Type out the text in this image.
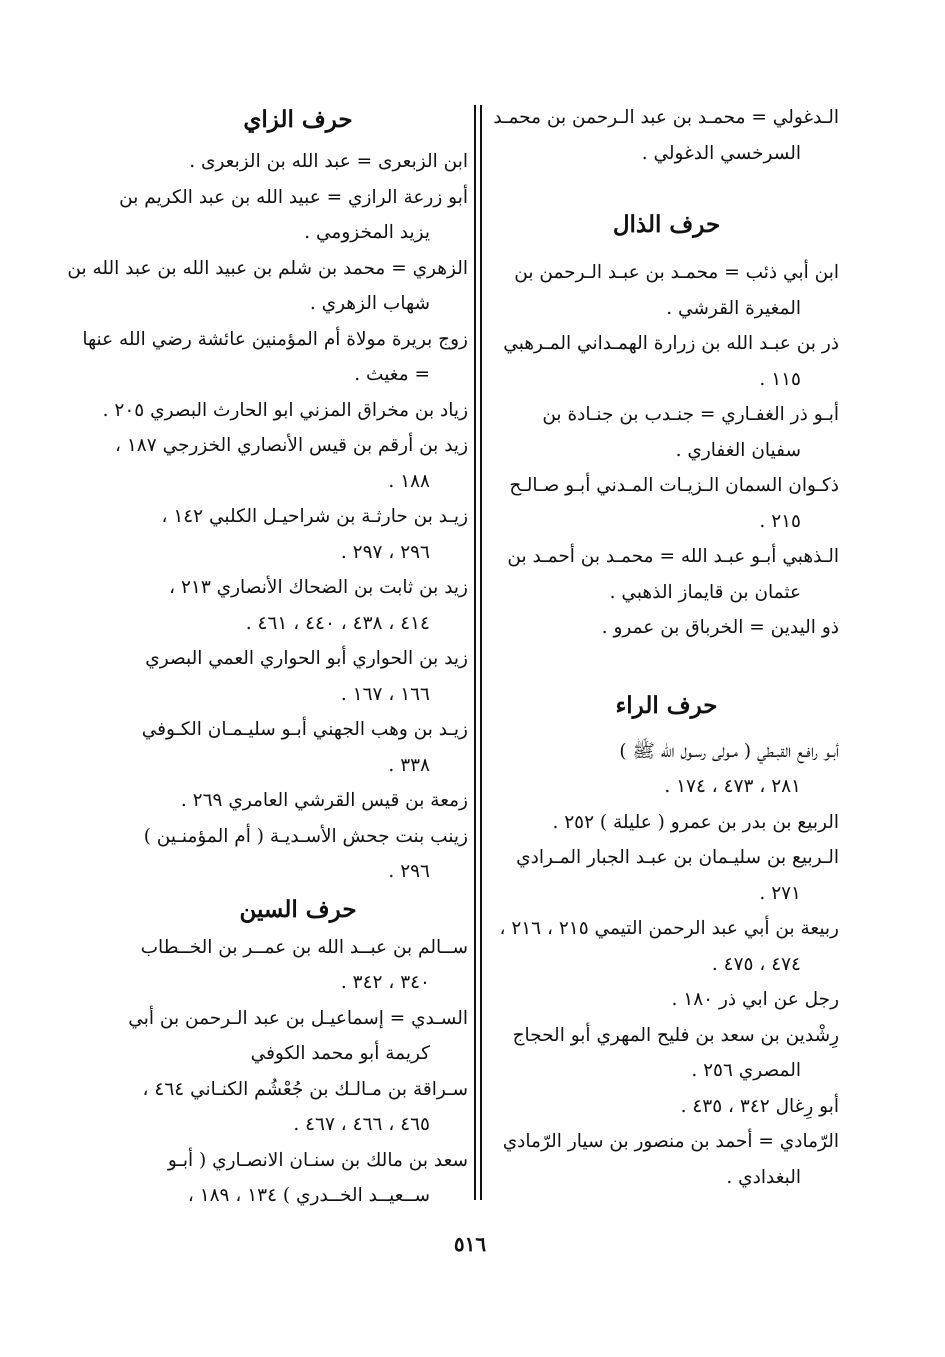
الـدغولي = محمـد بن عبد الـرحمن بن محمـد
السرخسي الدغولي .
حرف الذال
ابن أبي ذئب = محمـد بن عبـد الـرحمن بن
المغيرة القرشي .
ذر بن عبـد الله بن زرارة الهمـداني المـرهبي
١١٥ .
أبـو ذر الغفـاري = جنـدب بن جنـادة بن
سفيان الغفاري .
ذكـوان السمان الـزيـات المـدني أبـو صـالـح
٢١٥ .
الـذهبي أبـو عبـد الله = محمـد بن أحمـد بن
عثمان بن قايماز الذهبي .
ذو اليدين = الخرباق بن عمرو .
حرف الراء
أبـو رافـع القبـطي ( مـولى رسـول الله ﷺ )
٢٨١ ، ٤٧٣ ، ١٧٤ .
الربيع بن بدر بن عمرو ( عليلة ) ٢٥٢ .
الـربيع بن سليـمان بن عبـد الجبار المـرادي
٢٧١ .
ربيعة بن أبي عبد الرحمن التيمي ٢١٥ ، ٢١٦ ،
٤٧٤ ، ٤٧٥ .
رجل عن ابي ذر ١٨٠ .
رِشْدين بن سعد بن فليح المهري أبو الحجاج
المصري ٢٥٦ .
أبو رِغال ٣٤٢ ، ٤٣٥ .
الرّمادي = أحمد بن منصور بن سيار الرّمادي
البغدادي .
حرف الزاي
ابن الزبعرى = عبد الله بن الزبعرى .
أبو زرعة الرازي = عبيد الله بن عبد الكريم بن
يزيد المخزومي .
الزهري = محمد بن شلم بن عبيد الله بن عبد الله بن
شهاب الزهري .
زوج بريرة مولاة أم المؤمنين عائشة رضي الله عنها
= مغيث .
زياد بن مخراق المزني ابو الحارث البصري ٢٠٥ .
زيد بن أرقم بن قيس الأنصاري الخزرجي ١٨٧ ،
١٨٨ .
زيـد بن حارثـة بن شراحيـل الكلبي ١٤٢ ،
٢٩٦ ، ٢٩٧ .
زيد بن ثابت بن الضحاك الأنصاري ٢١٣ ،
٤١٤ ، ٤٣٨ ، ٤٤٠ ، ٤٦١ .
زيد بن الحواري أبو الحواري العمي البصري
١٦٦ ، ١٦٧ .
زيـد بن وهب الجهني أبـو سليـمـان الكـوفي
٣٣٨ .
زمعة بن قيس القرشي العامري ٢٦٩ .
زينب بنت جحش الأسـديـة ( أم المؤمنـين )
٢٩٦ .
حرف السين
ســالم بن عبــد الله بن عمــر بن الخــطاب
٣٤٠ ، ٣٤٢ .
السـدي = إسماعيـل بن عبد الـرحمن بن أبي
كريمة أبو محمد الكوفي
سـراقة بن مـالـك بن جُعْشُم الكنـاني ٤٦٤ ،
٤٦٥ ، ٤٦٦ ، ٤٦٧ .
سعد بن مالك بن سنـان الانصـاري ( أبـو
ســعيــد الخــدري ) ١٣٤ ، ١٨٩ ،
٥١٦
